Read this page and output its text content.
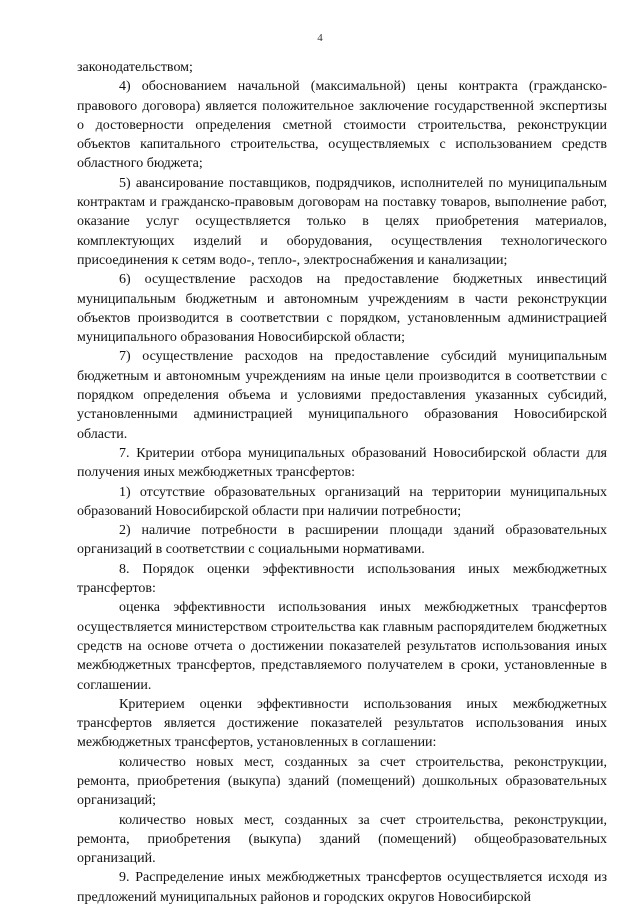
4

законодательством;

4) обоснованием начальной (максимальной) цены контракта (гражданско-правового договора) является положительное заключение государственной экспертизы о достоверности определения сметной стоимости строительства, реконструкции объектов капитального строительства, осуществляемых с использованием средств областного бюджета;

5) авансирование поставщиков, подрядчиков, исполнителей по муниципальным контрактам и гражданско-правовым договорам на поставку товаров, выполнение работ, оказание услуг осуществляется только в целях приобретения материалов, комплектующих изделий и оборудования, осуществления технологического присоединения к сетям водо-, тепло-, электроснабжения и канализации;

6) осуществление расходов на предоставление бюджетных инвестиций муниципальным бюджетным и автономным учреждениям в части реконструкции объектов производится в соответствии с порядком, установленным администрацией муниципального образования Новосибирской области;

7) осуществление расходов на предоставление субсидий муниципальным бюджетным и автономным учреждениям на иные цели производится в соответствии с порядком определения объема и условиями предоставления указанных субсидий, установленными администрацией муниципального образования Новосибирской области.

7. Критерии отбора муниципальных образований Новосибирской области для получения иных межбюджетных трансфертов:

1) отсутствие образовательных организаций на территории муниципальных образований Новосибирской области при наличии потребности;

2) наличие потребности в расширении площади зданий образовательных организаций в соответствии с социальными нормативами.

8. Порядок оценки эффективности использования иных межбюджетных трансфертов:

оценка эффективности использования иных межбюджетных трансфертов осуществляется министерством строительства как главным распорядителем бюджетных средств на основе отчета о достижении показателей результатов использования иных межбюджетных трансфертов, представляемого получателем в сроки, установленные в соглашении.

Критерием оценки эффективности использования иных межбюджетных трансфертов является достижение показателей результатов использования иных межбюджетных трансфертов, установленных в соглашении:

количество новых мест, созданных за счет строительства, реконструкции, ремонта, приобретения (выкупа) зданий (помещений) дошкольных образовательных организаций;

количество новых мест, созданных за счет строительства, реконструкции, ремонта, приобретения (выкупа) зданий (помещений) общеобразовательных организаций.

9. Распределение иных межбюджетных трансфертов осуществляется исходя из предложений муниципальных районов и городских округов Новосибирской
